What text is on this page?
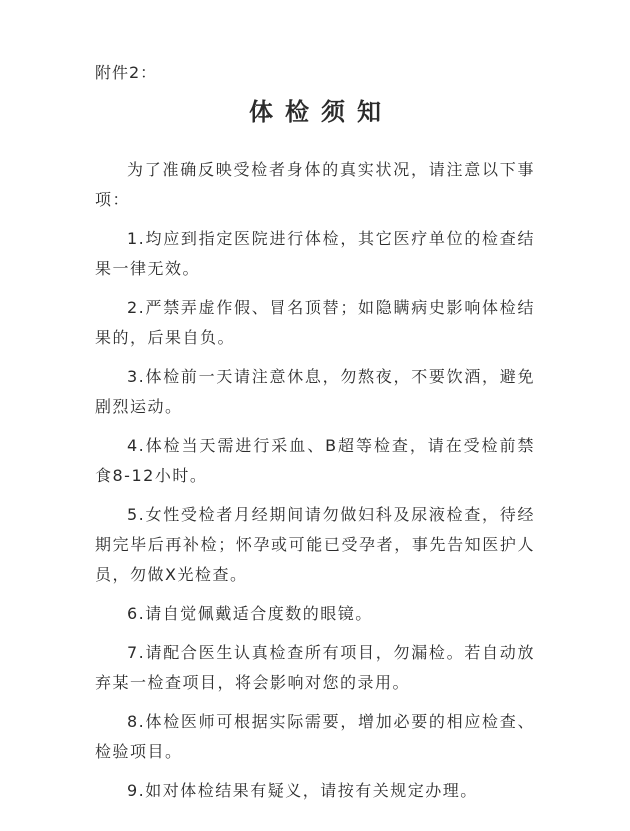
附件2：
体检须知

为了准确反映受检者身体的真实状况，请注意以下事项：

1.均应到指定医院进行体检，其它医疗单位的检查结果一律无效。

2.严禁弄虚作假、冒名顶替；如隐瞒病史影响体检结果的，后果自负。

3.体检前一天请注意休息，勿熬夜，不要饮酒，避免剧烈运动。

4.体检当天需进行采血、B超等检查，请在受检前禁食8-12小时。

5.女性受检者月经期间请勿做妇科及尿液检查，待经期完毕后再补检；怀孕或可能已受孕者，事先告知医护人员，勿做X光检查。

6.请自觉佩戴适合度数的眼镜。

7.请配合医生认真检查所有项目，勿漏检。若自动放弃某一检查项目，将会影响对您的录用。

8.体检医师可根据实际需要，增加必要的相应检查、检验项目。

9.如对体检结果有疑义，请按有关规定办理。
